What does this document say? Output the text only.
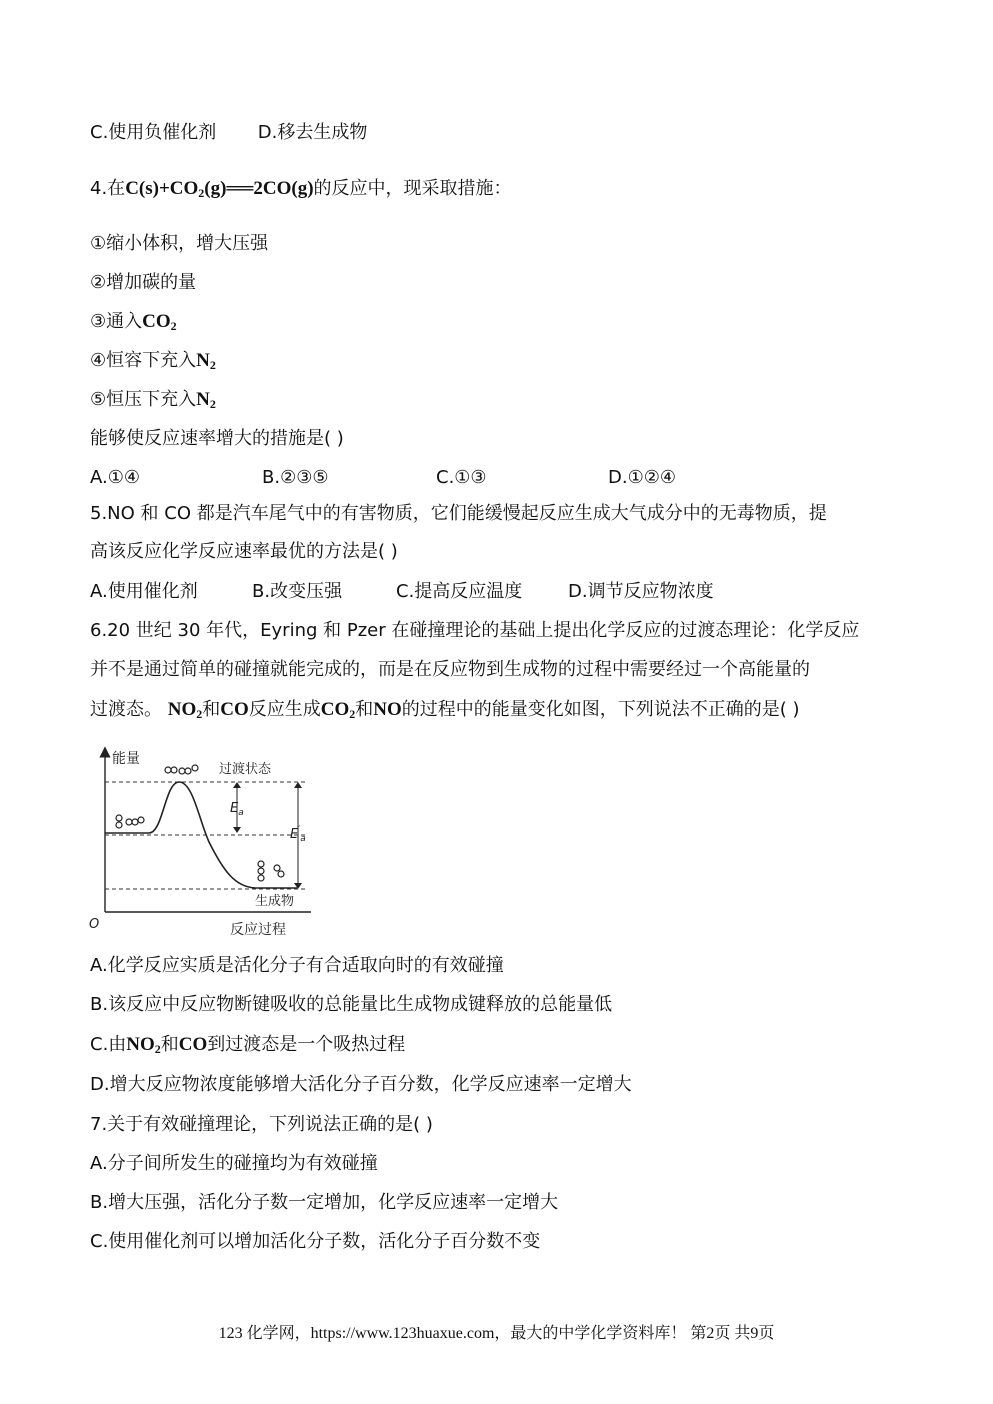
C.使用负催化剂 D.移去生成物
4.在$C(s)+CO_2(g)══2CO(g)$的反应中，现采取措施：
①缩小体积，增大压强
②增加碳的量
③通入$CO_2$
④恒容下充入$N_2$
⑤恒压下充入$N_2$
能够使反应速率增大的措施是( )
A.①④	B.②③⑤	C.①③	D.①②④
5.NO 和 CO 都是汽车尾气中的有害物质，它们能缓慢起反应生成大气成分中的无毒物质，提
高该反应化学反应速率最优的方法是( )
A.使用催化剂	B.改变压强	C.提高反应温度	D.调节反应物浓度
6.20 世纪 30 年代，Eyring 和 Pzer 在碰撞理论的基础上提出化学反应的过渡态理论：化学反应
并不是通过简单的碰撞就能完成的，而是在反应物到生成物的过程中需要经过一个高能量的
过渡态。 $NO_2$和CO反应生成$CO_2$和NO的过程中的能量变化如图，下列说法不正确的是( )
能量
O	反应过程
过渡状态
生成物
$E_a$
$E'_a$
A.化学反应实质是活化分子有合适取向时的有效碰撞
B.该反应中反应物断键吸收的总能量比生成物成键释放的总能量低
C.由$NO_2$和CO到过渡态是一个吸热过程
D.增大反应物浓度能够增大活化分子百分数，化学反应速率一定增大
7.关于有效碰撞理论，下列说法正确的是( )
A.分子间所发生的碰撞均为有效碰撞
B.增大压强，活化分子数一定增加，化学反应速率一定增大
C.使用催化剂可以增加活化分子数，活化分子百分数不变
123 化学网，https://www.123huaxue.com，最大的中学化学资料库！ 第2页 共9页
